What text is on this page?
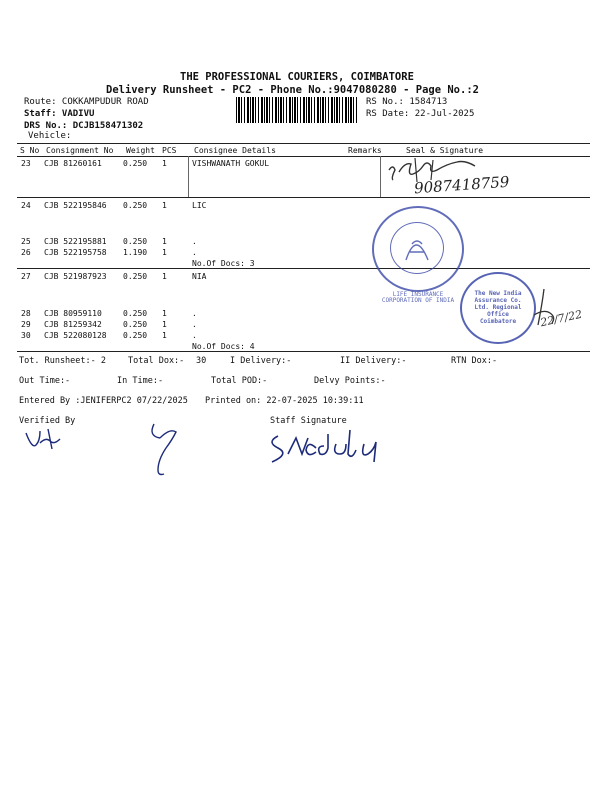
THE PROFESSIONAL COURIERS, COIMBATORE
Delivery Runsheet - PC2 - Phone No.:9047080280 - Page No.:2
Route: COKKAMPUDUR ROAD
Staff: VADIVU
DRS No.: DCJB158471302
Vehicle:
RS No.: 1584713
RS Date: 22-Jul-2025
S No Consignment No Weight PCS Consignee Details	Remarks	Seal & Signature
23 CJB 81260161	0.250 1	VISHWANATH GOKUL
24 CJB 522195846 0.250 1	LIC
25 CJB 522195881 0.250 1	.
26 CJB 522195758 1.190 1	.
No.Of Docs: 3
27 CJB 521987923 0.250 1	NIA
28 CJB 80959110	0.250 1	.
29 CJB 81259342	0.250 1	.
30 CJB 522080128 0.250 1	.
No.Of Docs: 4
9087418759
LIFE INSURANCE CORPORATION OF INDIA
The New India Assurance Co. Ltd. Regional Office Coimbatore	22/7/22
Tot. Runsheet:- 2	Total Dox:- 30	I Delivery:-	II Delivery:-	RTN Dox:-
Out Time:-	In Time:-	Total POD:-	Delvy Points:-
Entered By :JENIFERPC2 07/22/2025 Printed on: 22-07-2025 10:39:11
Verified By	Staff Signature
